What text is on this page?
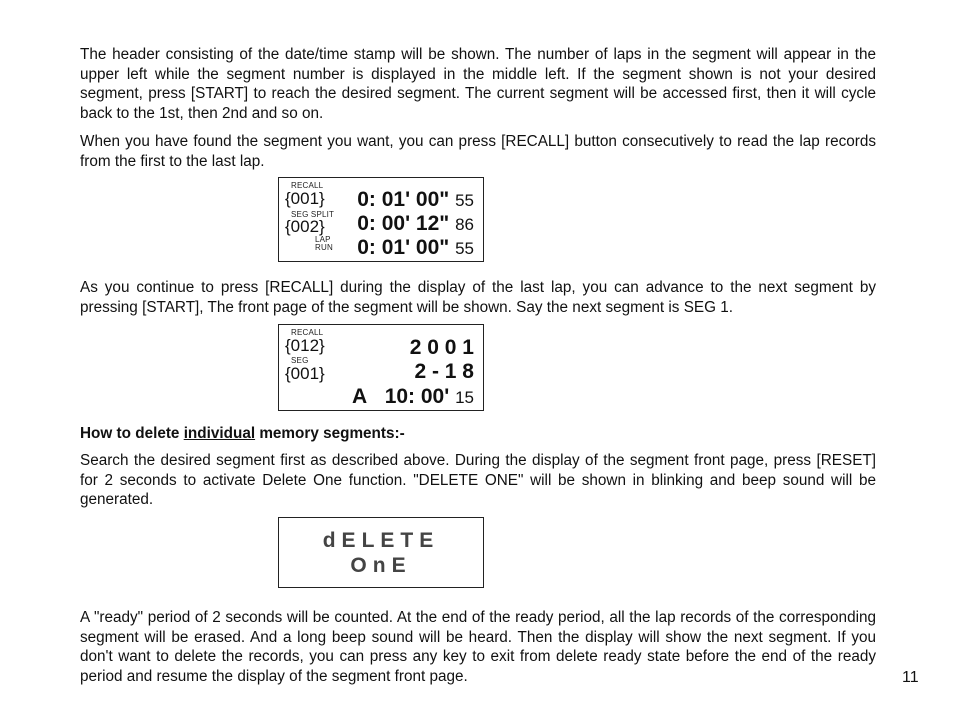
The header consisting of the date/time stamp will be shown. The number of laps in the segment will appear in the upper left while the segment number is displayed in the middle left. If the segment shown is not your desired segment, press [START] to reach the desired segment. The current segment will be accessed first, then it will cycle back to the 1st, then 2nd and so on.

When you have found the segment you want, you can press [RECALL] button consecutively to read the lap records from the first to the last lap.

RECALL
{001}
SEG SPLIT
{002}
LAP
RUN
0: 01' 00" 55
0: 00' 12" 86
0: 01' 00" 55

As you continue to press [RECALL] during the display of the last lap, you can advance to the next segment by pressing [START], The front page of the segment will be shown. Say the next segment is SEG 1.

RECALL
{012}
SEG
{001}
2 0 0 1
2 - 1 8
A 10: 00' 15

How to delete individual memory segments:-

Search the desired segment first as described above. During the display of the segment front page, press [RESET] for 2 seconds to activate Delete One function. "DELETE ONE" will be shown in blinking and beep sound will be generated.

dELETE
OnE

A "ready" period of 2 seconds will be counted. At the end of the ready period, all the lap records of the corresponding segment will be erased. And a long beep sound will be heard. Then the display will show the next segment. If you don't want to delete the records, you can press any key to exit from delete ready state before the end of the ready period and resume the display of the segment front page.	11
